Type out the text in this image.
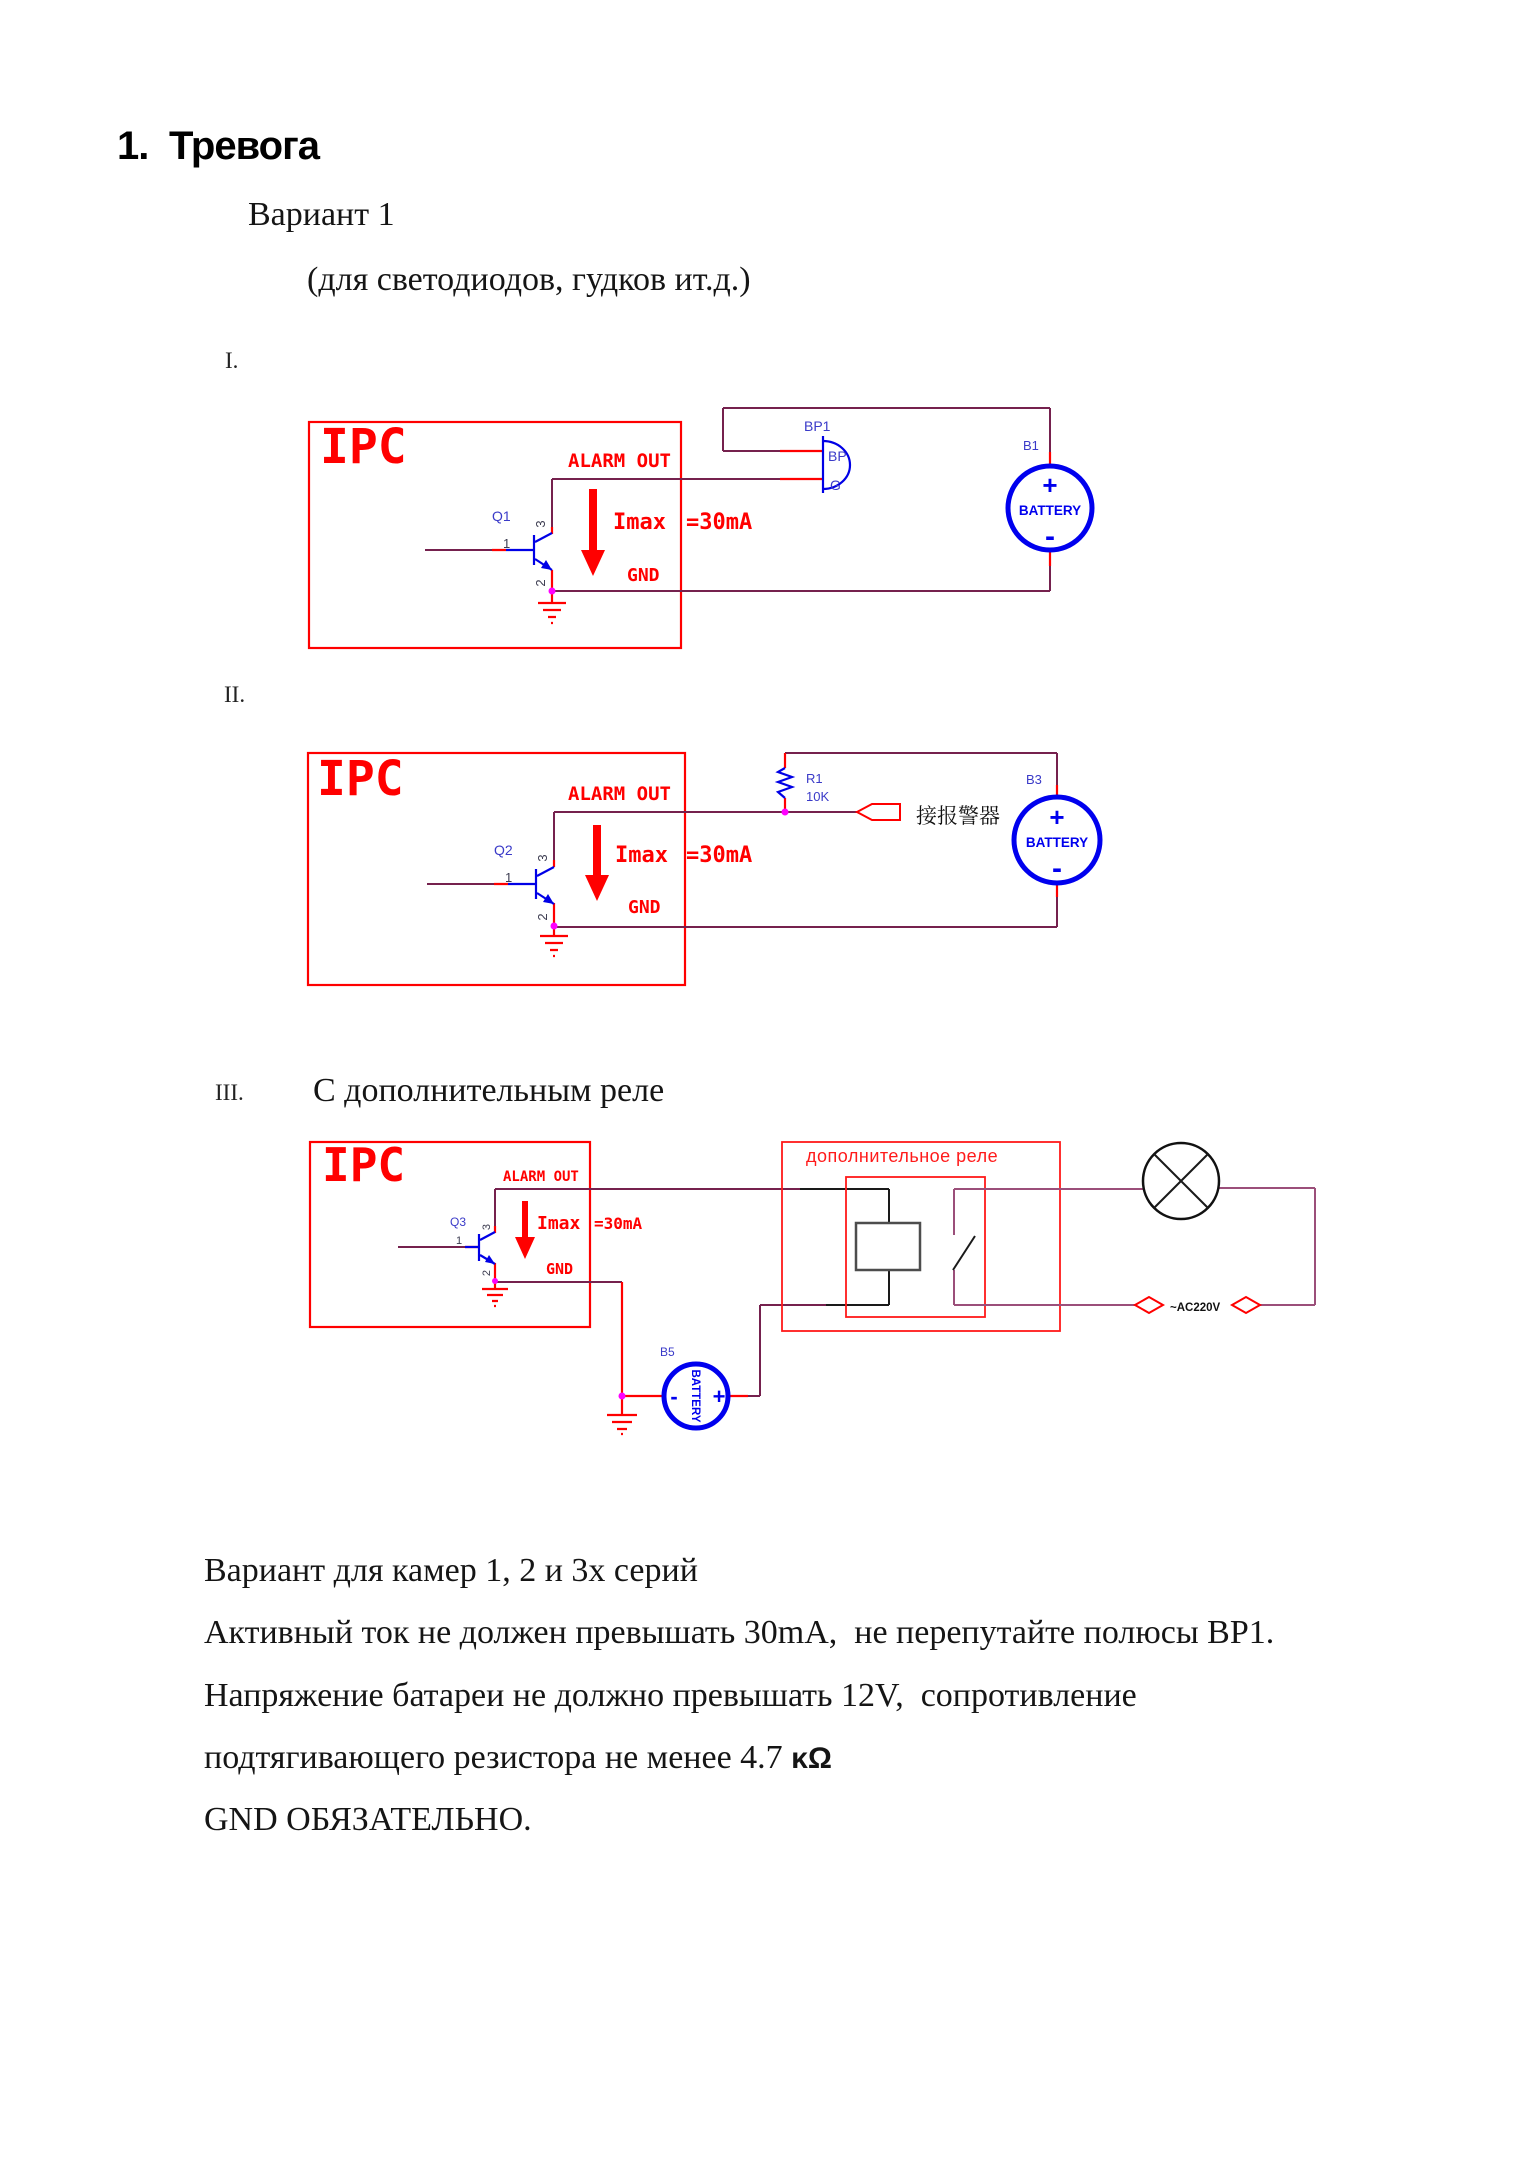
1. Тревога
Вариант 1
(для светодиодов, гудков ит.д.)
I.
II.
III. С дополнительным реле
IPC	ALARM OUT
Q1
1
3
2
Imax =30mA
GND
BP1
BP
G
B1
+
BATTERY
-
IPC	ALARM OUT
Q2
1
3
2
Imax =30mA
GND
R1
10K
接报警器
B3
+
BATTERY
-
IPC	ALARM OUT
Q3
1
3
2
Imax =30mA
GND
дополнительное реле
~AC220V
B5
- +
BATTERY
Вариант для камер 1, 2 и 3х серий
Активный ток не должен превышать 30mA,  не перепутайте полюсы BP1.
Напряжение батареи не должно превышать 12V,  сопротивление
подтягивающего резистора не менее 4.7 κΩ
GND ОБЯЗАТЕЛЬНО.
